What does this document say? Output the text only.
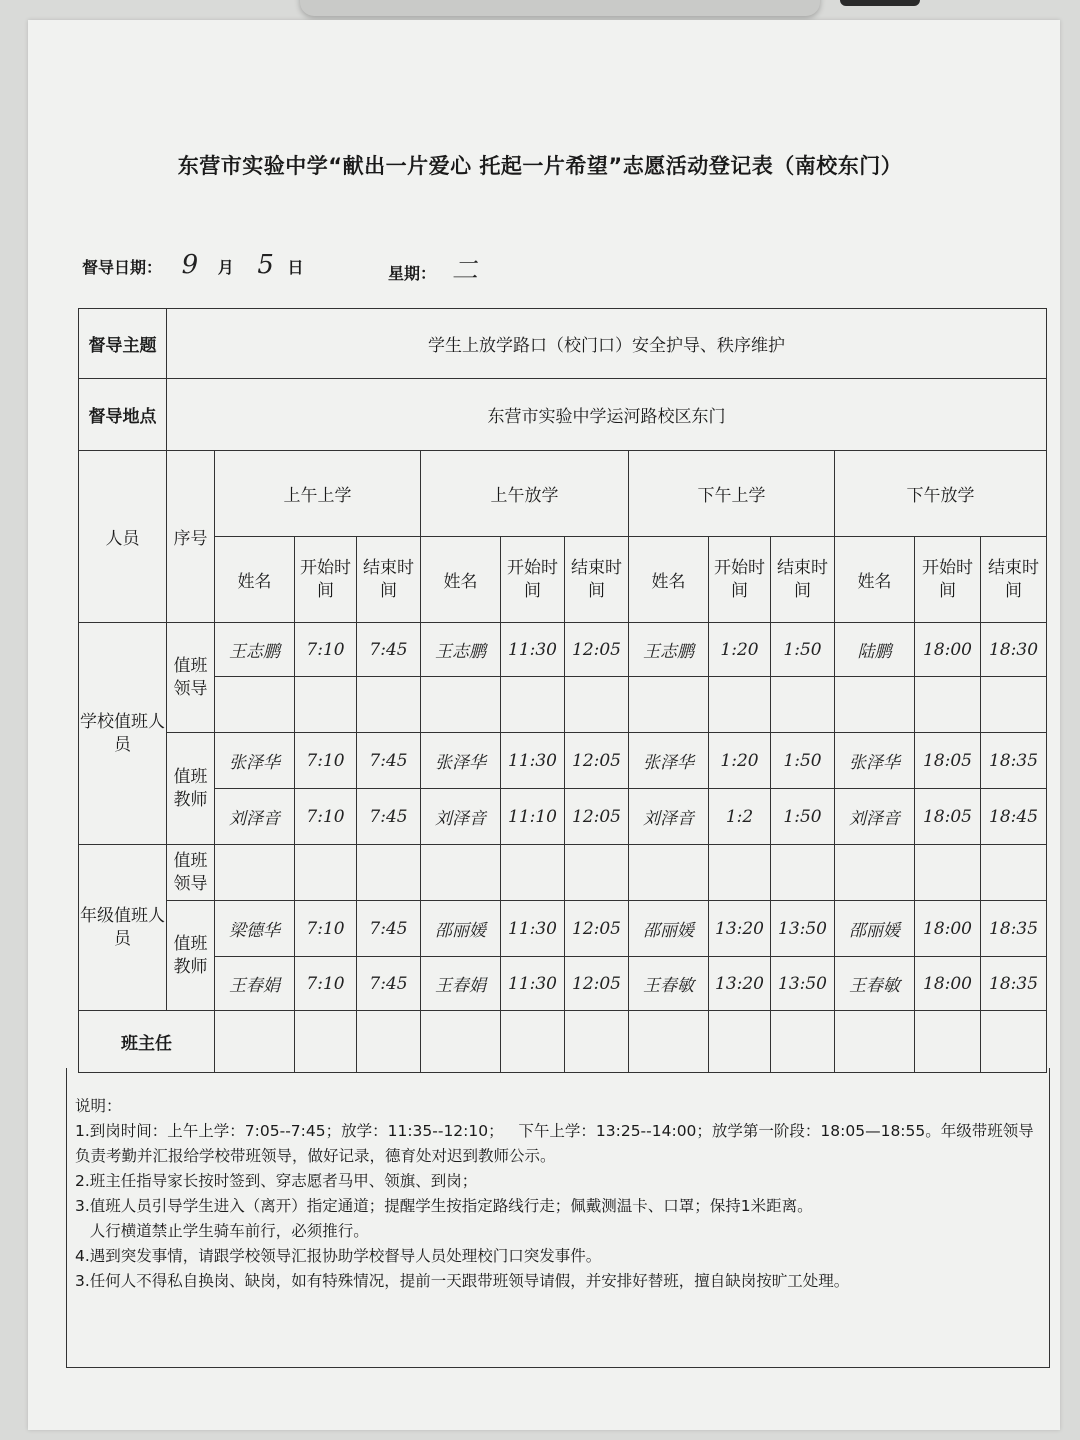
东营市实验中学“献出一片爱心 托起一片希望”志愿活动登记表（南校东门）
督导日期： 9 月 5 日	星期： 二
督导主题	学生上放学路口（校门口）安全护导、秩序维护												
督导地点	东营市实验中学运河路校区东门												
人员	序号	上午上学			上午放学			下午上学			下午放学		
		姓名	开始时间	结束时间	姓名	开始时间	结束时间	姓名	开始时间	结束时间	姓名	开始时间	结束时间
学校值班人员	值班领导	王志鹏	7:10	7:45	王志鹏	11:30	12:05	王志鹏	1:20	1:50	陆鹏	18:00	18:30

	值班教师	张泽华	7:10	7:45	张泽华	11:30	12:05	张泽华	1:20	1:50	张泽华	18:05	18:35
		刘泽音	7:10	7:45	刘泽音	11:10	12:05	刘泽音	1:2	1:50	刘泽音	18:05	18:45
年级值班人员	值班领导												
	值班教师	梁德华	7:10	7:45	邵丽媛	11:30	12:05	邵丽媛	13:20	13:50	邵丽媛	18:00	18:35
		王春娟	7:10	7:45	王春娟	11:30	12:05	王春敏	13:20	13:50	王春敏	18:00	18:35
班主任													
说明：
1.到岗时间：上午上学：7:05--7:45；放学：11:35--12:10；   下午上学：13:25--14:00；放学第一阶段：18:05—18:55。年级带班领导负责考勤并汇报给学校带班领导，做好记录，德育处对迟到教师公示。
2.班主任指导家长按时签到、穿志愿者马甲、领旗、到岗；
3.值班人员引导学生进入（离开）指定通道；提醒学生按指定路线行走；佩戴测温卡、口罩；保持1米距离。
人行横道禁止学生骑车前行，必须推行。
4.遇到突发事情，请跟学校领导汇报协助学校督导人员处理校门口突发事件。
3.任何人不得私自换岗、缺岗，如有特殊情况，提前一天跟带班领导请假，并安排好替班，擅自缺岗按旷工处理。
